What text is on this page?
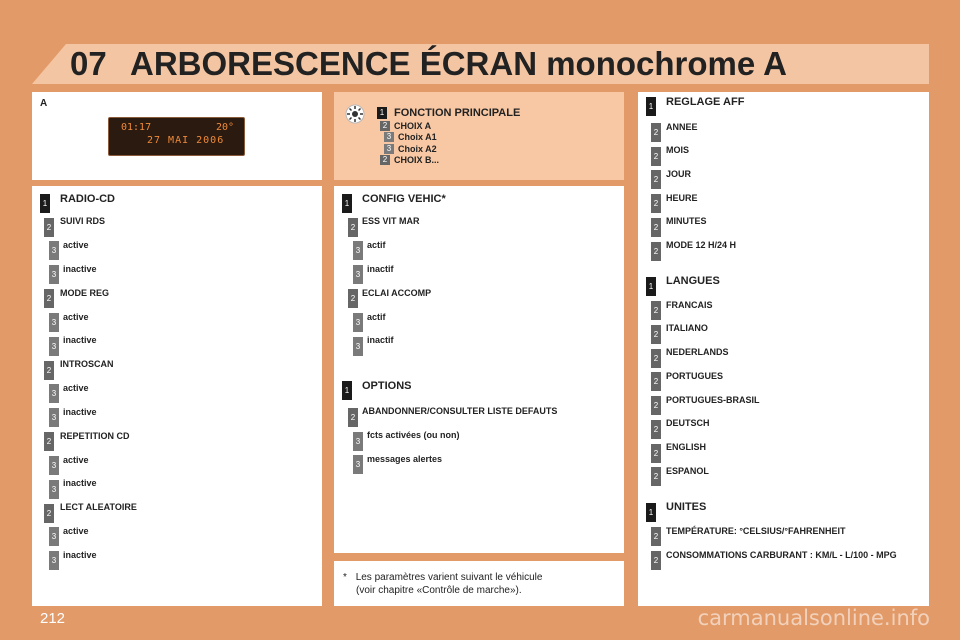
07 ARBORESCENCE ÉCRAN monochrome A
A
01:17	20°
27 MAI 2006
1 FONCTION PRINCIPALE
2 CHOIX A
3 Choix A1
3 Choix A2
2 CHOIX B...
1 RADIO-CD
2
SUIVI RDS
3
active
3
inactive
2
MODE REG
3
active
3
inactive
2
INTROSCAN
3
active
3
inactive
2
REPETITION CD
3
active
3
inactive
2
LECT ALEATOIRE
3
active
3
inactive
1 CONFIG VEHIC*
2
ESS VIT MAR
3
actif
3
inactif
2
ECLAI ACCOMP
3
actif
3
inactif
1 OPTIONS
2
ABANDONNER/CONSULTER LISTE DEFAUTS
3
fcts activées (ou non)
3
messages alertes
* Les paramètres varient suivant le véhicule
(voir chapitre «Contrôle de marche»).
1 REGLAGE AFF
2
ANNEE
2
MOIS
2
JOUR
2
HEURE
2
MINUTES
2
MODE 12 H/24 H
1 LANGUES
2
FRANCAIS
2
ITALIANO
2
NEDERLANDS
2
PORTUGUES
2
PORTUGUES-BRASIL
2
DEUTSCH
2
ENGLISH
2
ESPANOL
1 UNITES
2
TEMPÉRATURE: °CELSIUS/°FAHRENHEIT
2
CONSOMMATIONS CARBURANT : KM/L - L/100 - MPG
212	carmanualsonline.info
